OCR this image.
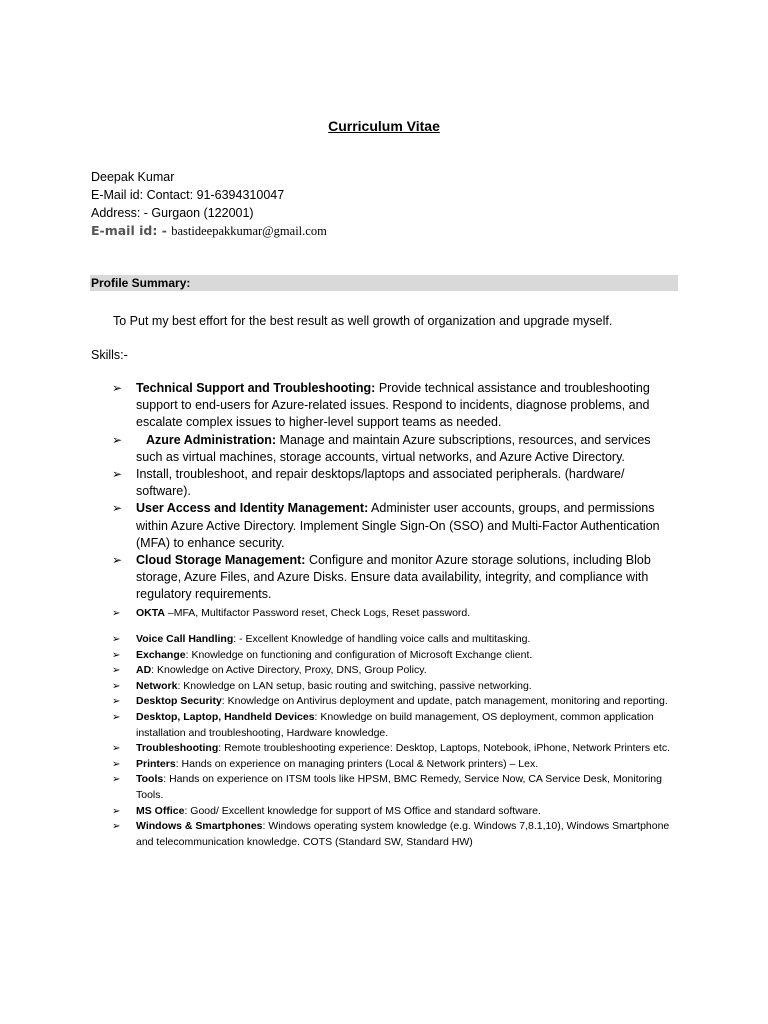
Curriculum Vitae
Deepak Kumar
E-Mail id: Contact: 91-6394310047
Address: - Gurgaon (122001)
E-mail id: - bastideepakkumar@gmail.com
Profile Summary:
To Put my best effort for the best result as well growth of organization and upgrade myself.
Skills:-
➢ Technical Support and Troubleshooting: Provide technical assistance and troubleshooting support to end-users for Azure-related issues. Respond to incidents, diagnose problems, and escalate complex issues to higher-level support teams as needed.
➢ Azure Administration: Manage and maintain Azure subscriptions, resources, and services such as virtual machines, storage accounts, virtual networks, and Azure Active Directory.
➢ Install, troubleshoot, and repair desktops/laptops and associated peripherals. (hardware/ software).
➢ User Access and Identity Management: Administer user accounts, groups, and permissions within Azure Active Directory. Implement Single Sign-On (SSO) and Multi-Factor Authentication (MFA) to enhance security.
➢ Cloud Storage Management: Configure and monitor Azure storage solutions, including Blob storage, Azure Files, and Azure Disks. Ensure data availability, integrity, and compliance with regulatory requirements.
➢ OKTA –MFA, Multifactor Password reset, Check Logs, Reset password.
➢ Voice Call Handling: - Excellent Knowledge of handling voice calls and multitasking.
➢ Exchange: Knowledge on functioning and configuration of Microsoft Exchange client.
➢ AD: Knowledge on Active Directory, Proxy, DNS, Group Policy.
➢ Network: Knowledge on LAN setup, basic routing and switching, passive networking.
➢ Desktop Security: Knowledge on Antivirus deployment and update, patch management, monitoring and reporting.
➢ Desktop, Laptop, Handheld Devices: Knowledge on build management, OS deployment, common application installation and troubleshooting, Hardware knowledge.
➢ Troubleshooting: Remote troubleshooting experience: Desktop, Laptops, Notebook, iPhone, Network Printers etc.
➢ Printers: Hands on experience on managing printers (Local & Network printers) – Lex.
➢ Tools: Hands on experience on ITSM tools like HPSM, BMC Remedy, Service Now, CA Service Desk, Monitoring Tools.
➢ MS Office: Good/ Excellent knowledge for support of MS Office and standard software.
➢ Windows & Smartphones: Windows operating system knowledge (e.g. Windows 7,8.1,10), Windows Smartphone and telecommunication knowledge. COTS (Standard SW, Standard HW)
